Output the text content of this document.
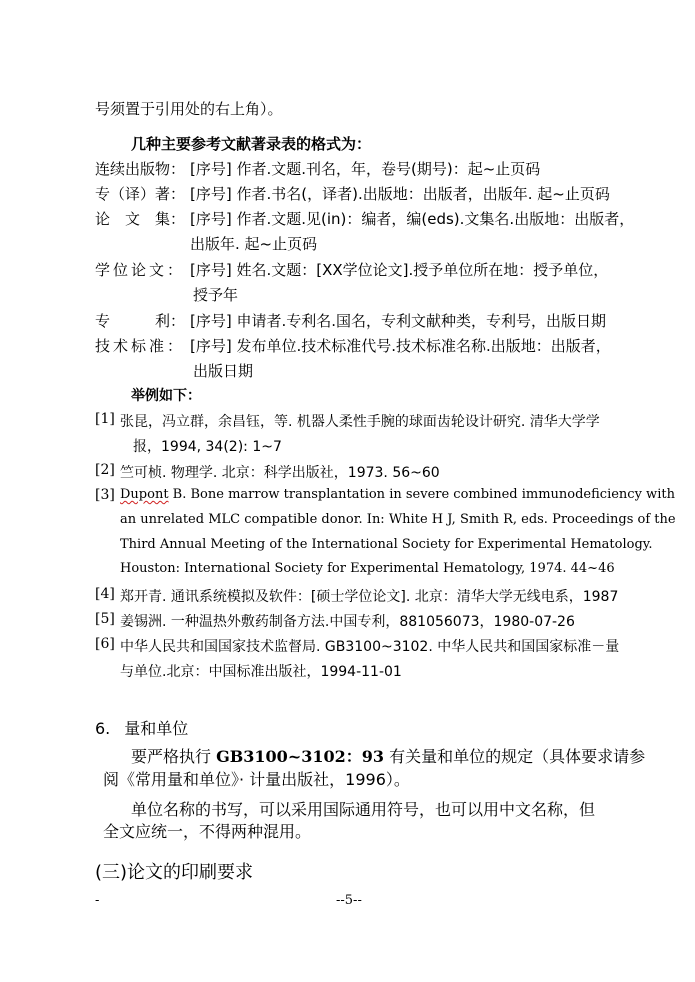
号须置于引用处的右上角）。
几种主要参考文献著录表的格式为：
连续出版物： [序号] 作者.文题.刊名，年，卷号(期号)：起~止页码
专（译）著： [序号] 作者.书名(，译者).出版地：出版者，出版年. 起~止页码
论　文　集： [序号] 作者.文题.见(in)：编者，编(eds).文集名.出版地：出版者，
出版年. 起~止页码
学位论文： [序号] 姓名.文题：[XX学位论文].授予单位所在地：授予单位，
授予年
专　　　利： [序号] 申请者.专利名.国名，专利文献种类，专利号，出版日期
技术标准： [序号] 发布单位.技术标准代号.技术标准名称.出版地：出版者，
出版日期
举例如下：
[1] 张昆，冯立群，余昌钰，等. 机器人柔性手腕的球面齿轮设计研究. 清华大学学
报，1994, 34(2): 1~7
[2] 竺可桢. 物理学. 北京：科学出版社，1973. 56~60
[3] Dupont B. Bone marrow transplantation in severe combined immunodeficiency with
an unrelated MLC compatible donor. In: White H J, Smith R, eds. Proceedings of the
Third Annual Meeting of the International Society for Experimental Hematology.
Houston: International Society for Experimental Hematology, 1974. 44~46
[4] 郑开青. 通讯系统模拟及软件：[硕士学位论文]. 北京：清华大学无线电系，1987
[5] 姜锡洲. 一种温热外敷药制备方法.中国专利，881056073，1980-07-26
[6] 中华人民共和国国家技术监督局. GB3100~3102. 中华人民共和国国家标准－量
与单位.北京：中国标准出版社，1994-11-01
6. 量和单位
要严格执行 GB3100~3102：93 有关量和单位的规定（具体要求请参
阅《常用量和单位》· 计量出版社，1996）。
单位名称的书写，可以采用国际通用符号，也可以用中文名称，但
全文应统一，不得两种混用。
(三)论文的印刷要求
-	--5--
